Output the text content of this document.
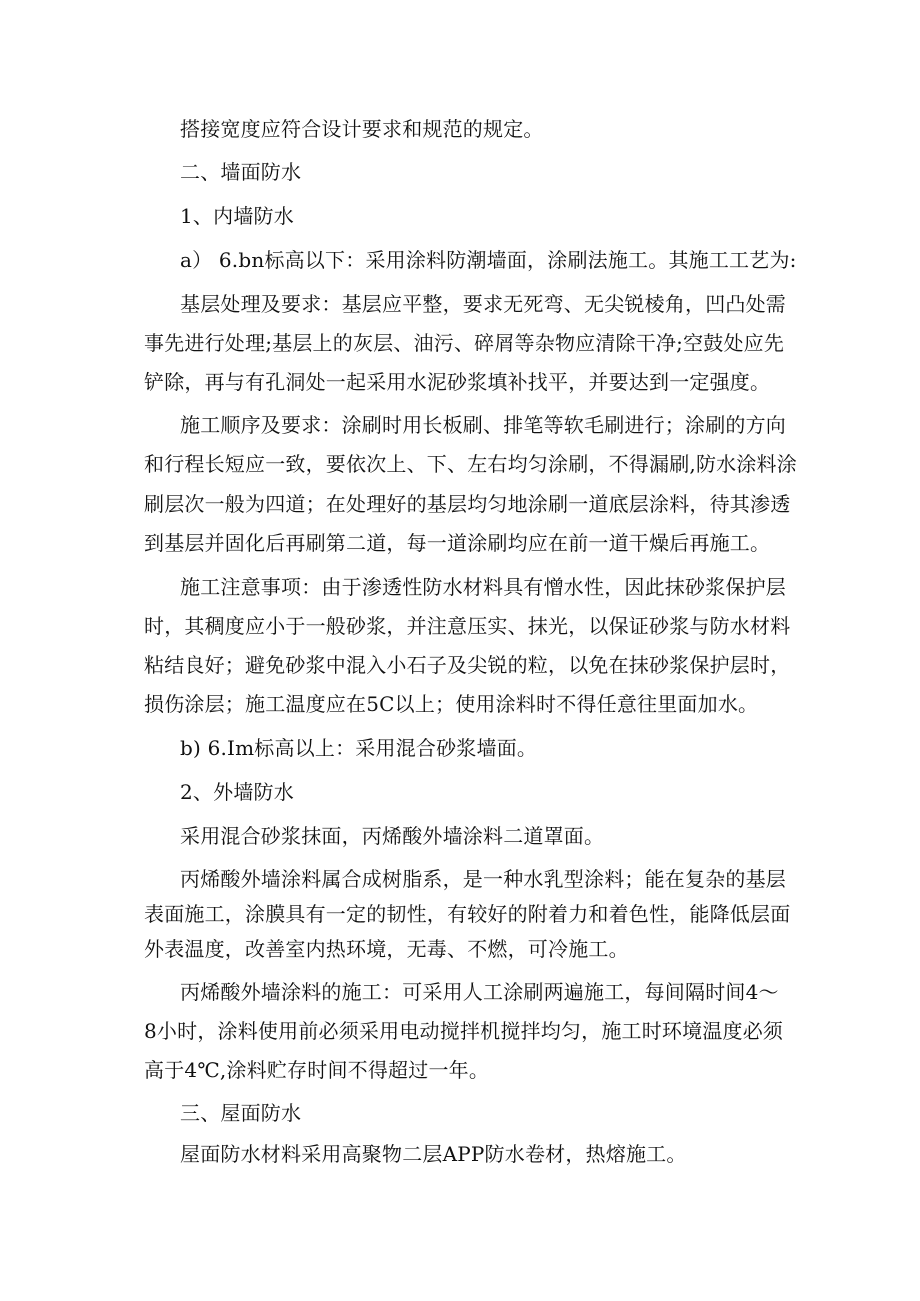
搭接宽度应符合设计要求和规范的规定。
二、墙面防水
1、内墙防水
a） 6.bn标高以下：采用涂料防潮墙面，涂刷法施工。其施工工艺为:
基层处理及要求：基层应平整，要求无死弯、无尖锐棱角，凹凸处需
事先进行处理;基层上的灰层、油污、碎屑等杂物应清除干净;空鼓处应先
铲除，再与有孔洞处一起采用水泥砂浆填补找平，并要达到一定强度。
施工顺序及要求：涂刷时用长板刷、排笔等软毛刷进行；涂刷的方向
和行程长短应一致，要依次上、下、左右均匀涂刷，不得漏刷,防水涂料涂
刷层次一般为四道；在处理好的基层均匀地涂刷一道底层涂料，待其渗透
到基层并固化后再刷第二道，每一道涂刷均应在前一道干燥后再施工。
施工注意事项：由于渗透性防水材料具有憎水性，因此抹砂浆保护层
时，其稠度应小于一般砂浆，并注意压实、抹光，以保证砂浆与防水材料
粘结良好；避免砂浆中混入小石子及尖锐的粒，以免在抹砂浆保护层时，
损伤涂层；施工温度应在5C以上；使用涂料时不得任意往里面加水。
b) 6.Im标高以上：采用混合砂浆墙面。
2、外墙防水
采用混合砂浆抹面，丙烯酸外墙涂料二道罩面。
丙烯酸外墙涂料属合成树脂系，是一种水乳型涂料；能在复杂的基层
表面施工，涂膜具有一定的韧性，有较好的附着力和着色性，能降低层面
外表温度，改善室内热环境，无毒、不燃，可冷施工。
丙烯酸外墙涂料的施工：可采用人工涂刷两遍施工，每间隔时间4～
8小时，涂料使用前必须采用电动搅拌机搅拌均匀，施工时环境温度必须
高于4℃,涂料贮存时间不得超过一年。
三、屋面防水
屋面防水材料采用高聚物二层APP防水卷材，热熔施工。
